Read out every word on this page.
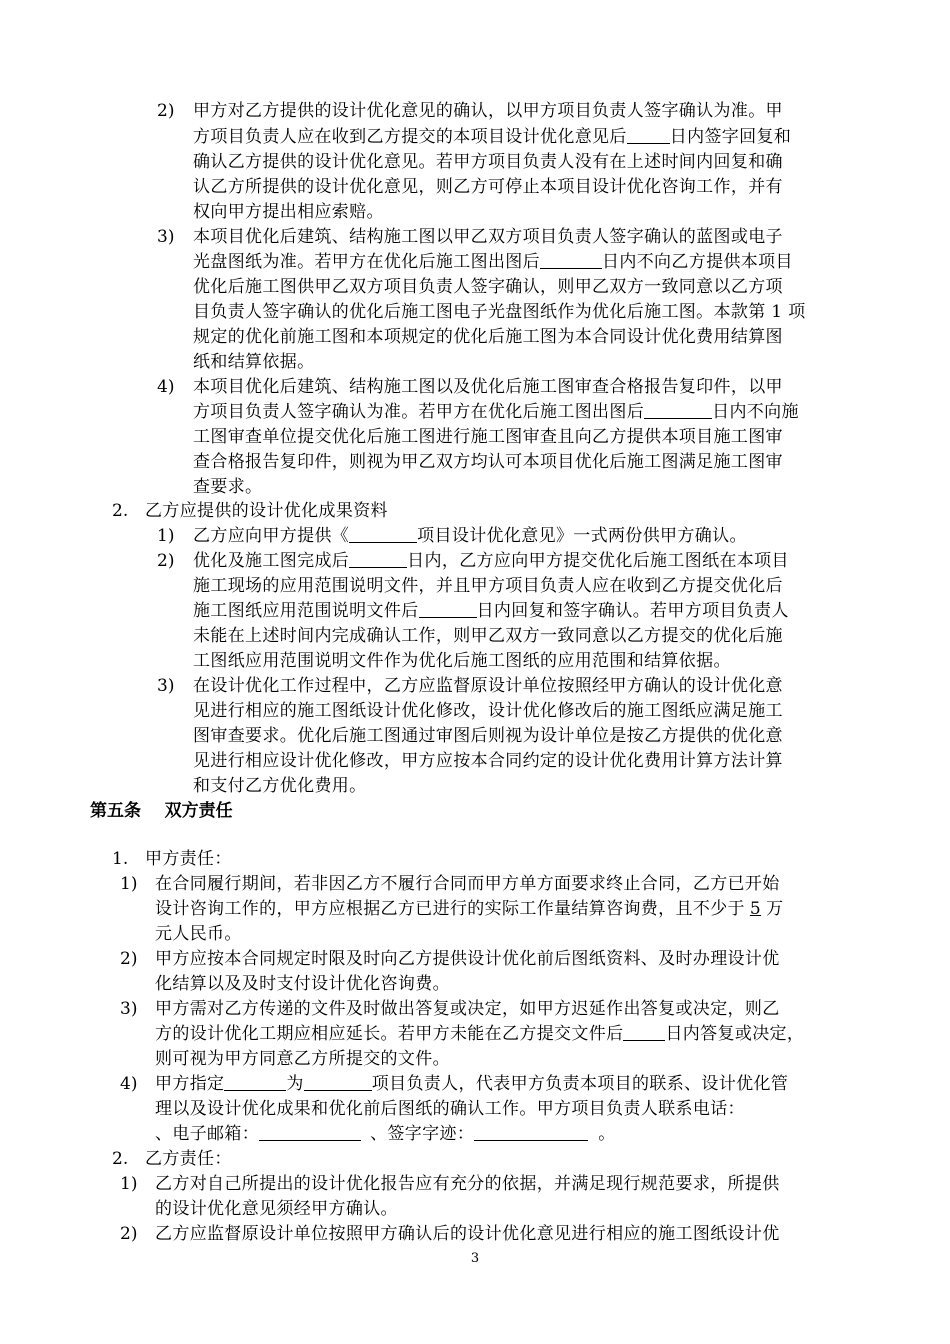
2) 甲方对乙方提供的设计优化意见的确认，以甲方项目负责人签字确认为准。甲
方项目负责人应在收到乙方提交的本项目设计优化意见后	日内签字回复和
确认乙方提供的设计优化意见。若甲方项目负责人没有在上述时间内回复和确
认乙方所提供的设计优化意见，则乙方可停止本项目设计优化咨询工作，并有
权向甲方提出相应索赔。
3) 本项目优化后建筑、结构施工图以甲乙双方项目负责人签字确认的蓝图或电子
光盘图纸为准。若甲方在优化后施工图出图后	日内不向乙方提供本项目
优化后施工图供甲乙双方项目负责人签字确认，则甲乙双方一致同意以乙方项
目负责人签字确认的优化后施工图电子光盘图纸作为优化后施工图。本款第 1 项
规定的优化前施工图和本项规定的优化后施工图为本合同设计优化费用结算图
纸和结算依据。
4) 本项目优化后建筑、结构施工图以及优化后施工图审查合格报告复印件，以甲
方项目负责人签字确认为准。若甲方在优化后施工图出图后	日内不向施
工图审查单位提交优化后施工图进行施工图审查且向乙方提供本项目施工图审
查合格报告复印件，则视为甲乙双方均认可本项目优化后施工图满足施工图审
查要求。
2. 乙方应提供的设计优化成果资料
1) 乙方应向甲方提供《	项目设计优化意见》一式两份供甲方确认。
2) 优化及施工图完成后	日内，乙方应向甲方提交优化后施工图纸在本项目
施工现场的应用范围说明文件，并且甲方项目负责人应在收到乙方提交优化后
施工图纸应用范围说明文件后	日内回复和签字确认。若甲方项目负责人
未能在上述时间内完成确认工作，则甲乙双方一致同意以乙方提交的优化后施
工图纸应用范围说明文件作为优化后施工图纸的应用范围和结算依据。
3) 在设计优化工作过程中，乙方应监督原设计单位按照经甲方确认的设计优化意
见进行相应的施工图纸设计优化修改，设计优化修改后的施工图纸应满足施工
图审查要求。优化后施工图通过审图后则视为设计单位是按乙方提供的优化意
见进行相应设计优化修改，甲方应按本合同约定的设计优化费用计算方法计算
和支付乙方优化费用。
第五条    双方责任
1. 甲方责任：
1) 在合同履行期间，若非因乙方不履行合同而甲方单方面要求终止合同，乙方已开始
设计咨询工作的，甲方应根据乙方已进行的实际工作量结算咨询费，且不少于 5 万
元人民币。
2) 甲方应按本合同规定时限及时向乙方提供设计优化前后图纸资料、及时办理设计优
化结算以及及时支付设计优化咨询费。
3) 甲方需对乙方传递的文件及时做出答复或决定，如甲方迟延作出答复或决定，则乙
方的设计优化工期应相应延长。若甲方未能在乙方提交文件后 日内答复或决定，
则可视为甲方同意乙方所提交的文件。
4) 甲方指定	为	项目负责人，代表甲方负责本项目的联系、设计优化管
理以及设计优化成果和优化前后图纸的确认工作。甲方项目负责人联系电话：
、电子邮箱：	、签字字迹：	。
2. 乙方责任：
1) 乙方对自己所提出的设计优化报告应有充分的依据，并满足现行规范要求，所提供
的设计优化意见须经甲方确认。
2) 乙方应监督原设计单位按照甲方确认后的设计优化意见进行相应的施工图纸设计优
3
